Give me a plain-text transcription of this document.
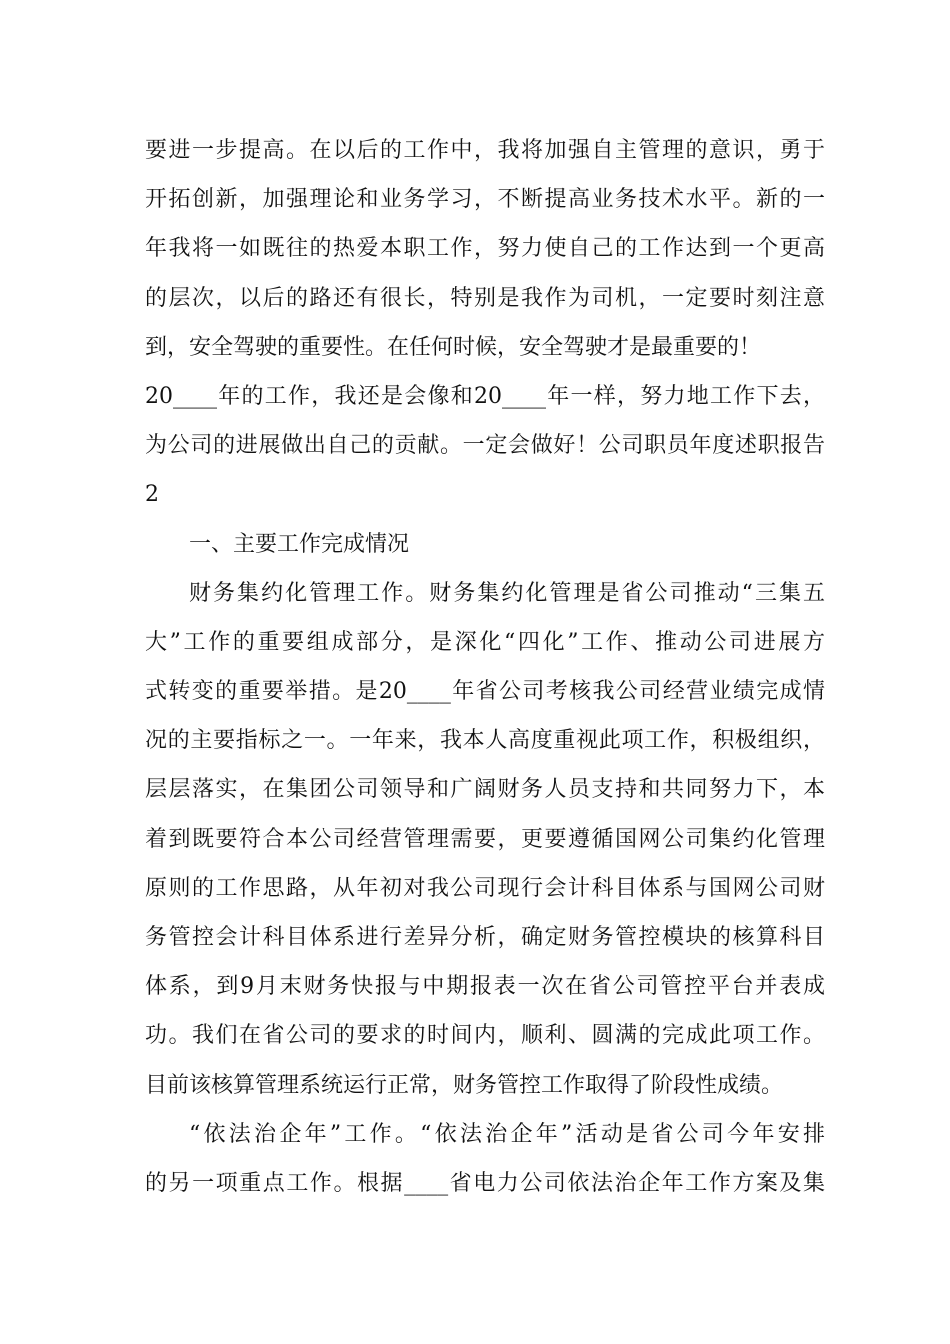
要进一步提高。在以后的工作中，我将加强自主管理的意识，勇于
开拓创新，加强理论和业务学习，不断提高业务技术水平。新的一
年我将一如既往的热爱本职工作，努力使自己的工作达到一个更高
的层次，以后的路还有很长，特别是我作为司机，一定要时刻注意
到，安全驾驶的重要性。在任何时候，安全驾驶才是最重要的！
20____年的工作，我还是会像和20____年一样，努力地工作下去，
为公司的进展做出自己的贡献。一定会做好！公司职员年度述职报告
2
一、主要工作完成情况
财务集约化管理工作。财务集约化管理是省公司推动“三集五
大”工作的重要组成部分，是深化“四化”工作、推动公司进展方
式转变的重要举措。是20____年省公司考核我公司经营业绩完成情
况的主要指标之一。一年来，我本人高度重视此项工作，积极组织，
层层落实，在集团公司领导和广阔财务人员支持和共同努力下，本
着到既要符合本公司经营管理需要，更要遵循国网公司集约化管理
原则的工作思路，从年初对我公司现行会计科目体系与国网公司财
务管控会计科目体系进行差异分析，确定财务管控模块的核算科目
体系，到9月末财务快报与中期报表一次在省公司管控平台并表成
功。我们在省公司的要求的时间内，顺利、圆满的完成此项工作。
目前该核算管理系统运行正常，财务管控工作取得了阶段性成绩。
“依法治企年”工作。“依法治企年”活动是省公司今年安排
的另一项重点工作。根据____省电力公司依法治企年工作方案及集
